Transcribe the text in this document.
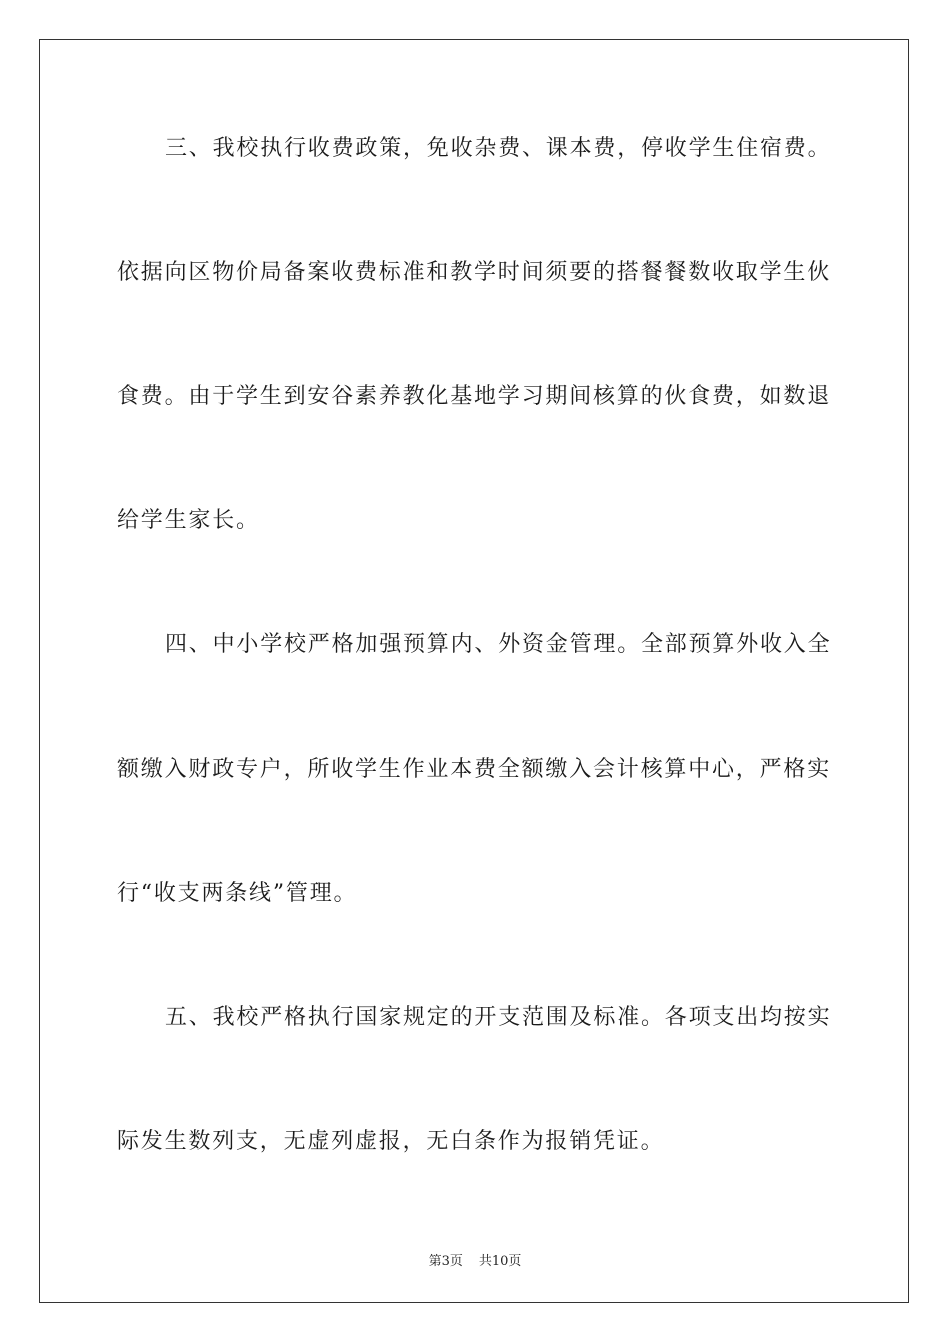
三、我校执行收费政策，免收杂费、课本费，停收学生住宿费。
依据向区物价局备案收费标准和教学时间须要的搭餐餐数收取学生伙
食费。由于学生到安谷素养教化基地学习期间核算的伙食费，如数退
给学生家长。
四、中小学校严格加强预算内、外资金管理。全部预算外收入全
额缴入财政专户，所收学生作业本费全额缴入会计核算中心，严格实
行“收支两条线”管理。
五、我校严格执行国家规定的开支范围及标准。各项支出均按实
际发生数列支，无虚列虚报，无白条作为报销凭证。
第3页 共10页
